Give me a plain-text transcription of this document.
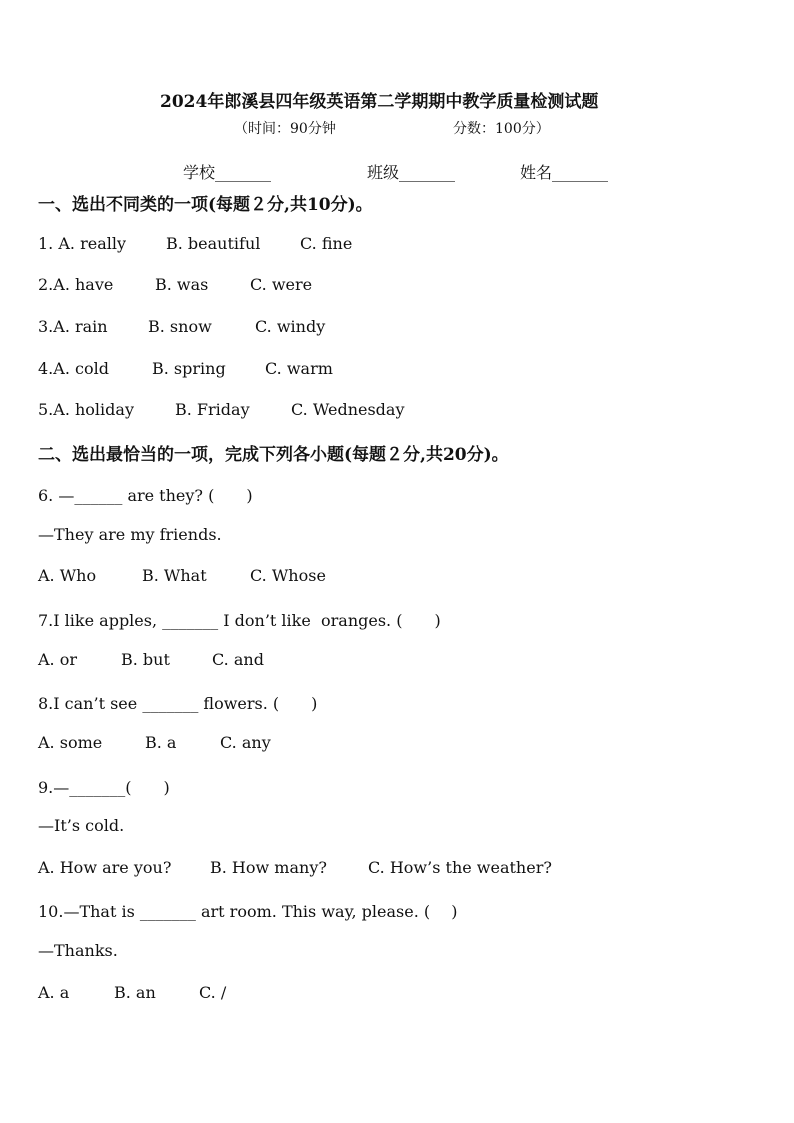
2024年郎溪县四年级英语第二学期期中教学质量检测试题
（时间：90分钟	分数：100分）
学校_______	班级_______	姓名_______
一、选出不同类的一项(每题２分,共10分)。
1. A. really B. beautiful C. fine
2.A. have	B. was	C. were
3.A. rain	B. snow	C. windy
4.A. cold	B. spring C. warm
5.A. holiday	B. Friday	C. Wednesday
二、选出最恰当的一项，完成下列各小题(每题２分,共20分)。
6. —______ are they? (　　)
—They are my friends.
A. Who	B. What	C. Whose
7.I like apples, _______ I don’t like  oranges. (　　)
A. or	B. but	C. and
8.I can’t see _______ flowers. (　　)
A. some	B. a	C. any
9.—_______(　　)
—It’s cold.
A. How are you? B. How many?	C. How’s the weather?
10.—That is _______ art room. This way, please. (　 )
—Thanks.
A. a	B. an	C. /
